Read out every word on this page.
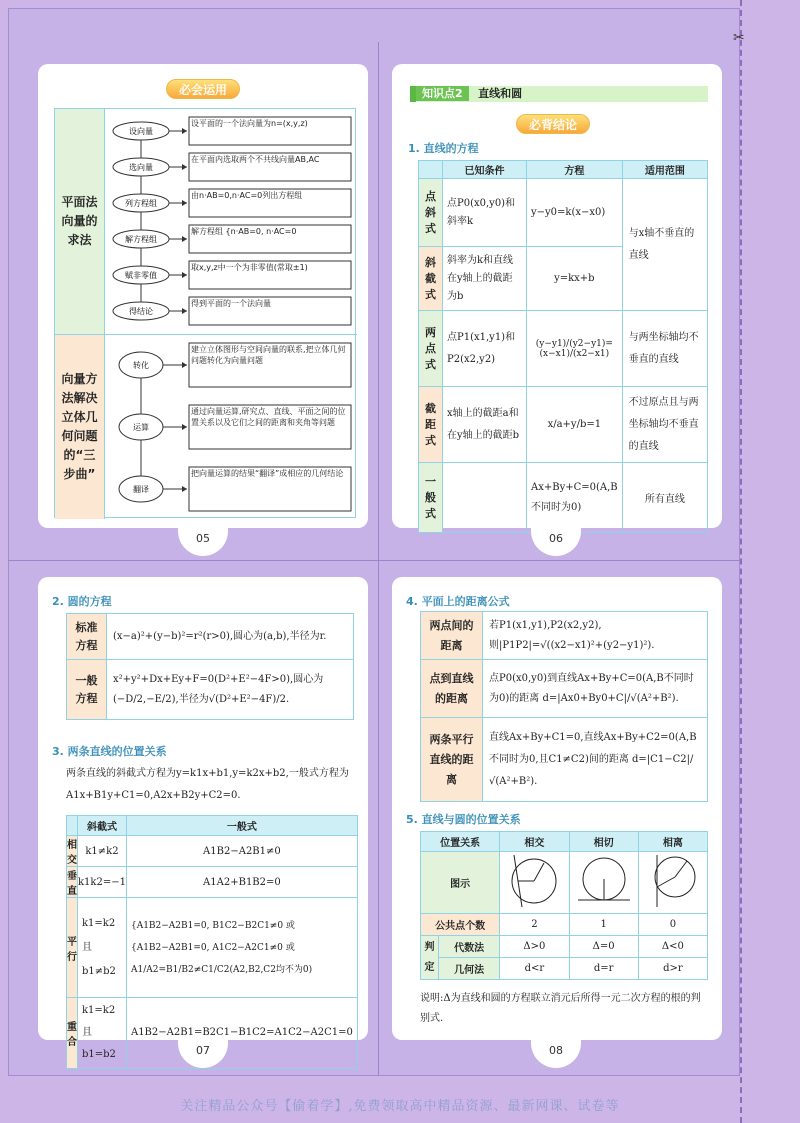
✂
必会运用
平面法向量的求法
向量方法解决立体几何问题的“三步曲”
设向量
设平面的一个法向量为n=(x,y,z)
选向量
在平面内选取两个不共线向量AB,AC
列方程组
由n·AB=0,n·AC=0列出方程组
解方程组
解方程组 {n·AB=0, n·AC=0
赋非零值
取x,y,z中一个为非零值(常取±1)
得结论
得到平面的一个法向量
转化
建立立体图形与空间向量的联系,把立体几何问题转化为向量问题
运算
通过向量运算,研究点、直线、平面之间的位置关系以及它们之间的距离和夹角等问题
翻译
把向量运算的结果“翻译”成相应的几何结论
05
知识点2 直线和圆
必背结论
1. 直线的方程
	已知条件	方程	适用范围
点斜式	点P0(x0,y0)和斜率k	y−y0=k(x−x0)	与x轴不垂直的直线
斜截式	斜率为k和直线在y轴上的截距为b	y=kx+b	
两点式	点P1(x1,y1)和P2(x2,y2)	(y−y1)/(y2−y1)=(x−x1)/(x2−x1)	与两坐标轴均不垂直的直线
截距式	x轴上的截距a和在y轴上的截距b	x/a+y/b=1	不过原点且与两坐标轴均不垂直的直线
一般式		Ax+By+C=0(A,B不同时为0)	所有直线
06
2. 圆的方程
标准方程	(x−a)²+(y−b)²=r²(r>0),圆心为(a,b),半径为r.
一般方程	x²+y²+Dx+Ey+F=0(D²+E²−4F>0),圆心为(−D/2,−E/2),半径为√(D²+E²−4F)/2.
3. 两条直线的位置关系
两条直线的斜截式方程为y=k1x+b1,y=k2x+b2,一般式方程为A1x+B1y+C1=0,A2x+B2y+C2=0.
	斜截式	一般式
相交	k1≠k2	A1B2−A2B1≠0
垂直	k1k2=−1	A1A2+B1B2=0
平行	k1=k2 且 b1≠b2	{A1B2−A2B1=0, B1C2−B2C1≠0 或 {A1B2−A2B1=0, A1C2−A2C1≠0 或A1/A2=B1/B2≠C1/C2(A2,B2,C2均不为0)
重合	k1=k2 且 b1=b2	A1B2−A2B1=B2C1−B1C2=A1C2−A2C1=0
07
4. 平面上的距离公式
两点间的距离	若P1(x1,y1),P2(x2,y2),则|P1P2|=√((x2−x1)²+(y2−y1)²).
点到直线的距离	点P0(x0,y0)到直线Ax+By+C=0(A,B不同时为0)的距离 d=|Ax0+By0+C|/√(A²+B²).
两条平行直线的距离	直线Ax+By+C1=0,直线Ax+By+C2=0(A,B不同时为0,且C1≠C2)间的距离 d=|C1−C2|/√(A²+B²).
5. 直线与圆的位置关系
位置关系		相交	相切	相离
图示			
公共点个数		2	1	0
判定	代数法	Δ>0	Δ=0	Δ<0
	几何法	d<r	d=r	d>r
说明:Δ为直线和圆的方程联立消元后所得一元二次方程的根的判别式.
08
关注精品公众号【偷着学】,免费领取高中精品资源、最新网课、试卷等
